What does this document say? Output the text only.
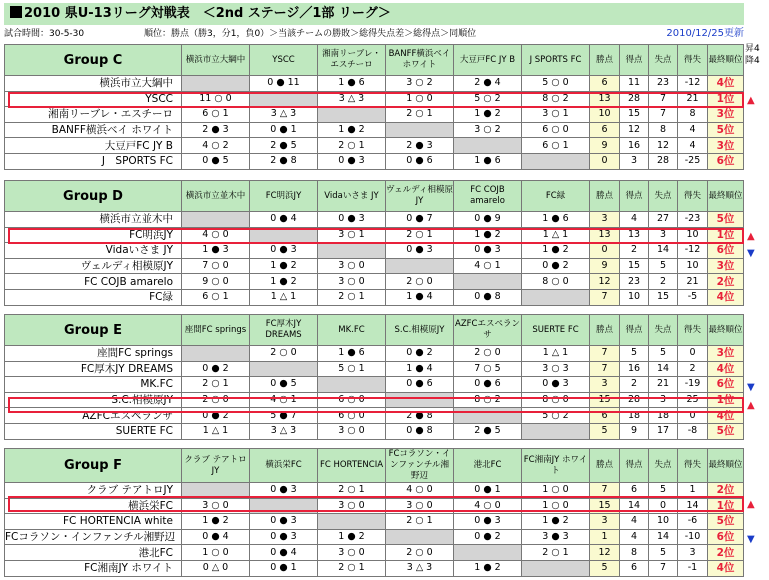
2010 県U-13リーグ対戦表　＜2nd ステージ／1部 リーグ＞
試合時間：30-5-30	順位：勝点（勝3，分1，負0）＞当該チームの勝敗＞総得失点差＞総得点＞同順位	2010/12/25更新
昇4
降4
Group C	横浜市立大綱中	YSCC	湘南リーブレ・エスチーロ	BANFF横浜ベイ ホワイト	大豆戸FC JY B	J SPORTS FC	勝点	得点	失点	得失	最終順位
横浜市立大綱中		0 ● 11	1 ● 6	3 ○ 2	2 ● 4	5 ○ 0	6	11	23	-12	4位
YSCC	11 ○ 0		3 △ 3	1 ○ 0	5 ○ 2	8 ○ 2	13	28	7	21	1位
湘南リーブレ・エスチーロ	6 ○ 1	3 △ 3		2 ○ 1	1 ● 2	3 ○ 1	10	15	7	8	3位
BANFF横浜ベイ ホワイト	2 ● 3	0 ● 1	1 ● 2		3 ○ 2	6 ○ 0	6	12	8	4	5位
大豆戸FC JY B	4 ○ 2	2 ● 5	2 ○ 1	2 ● 3		6 ○ 1	9	16	12	4	3位
J　SPORTS FC	0 ● 5	2 ● 8	0 ● 3	0 ● 6	1 ● 6		0	3	28	-25	6位
▲
Group D	横浜市立並木中	FC明浜JY	Vidaいさま JY	ヴェルディ相模原JY	FC COJB amarelo	FC緑	勝点	得点	失点	得失	最終順位
横浜市立並木中		0 ● 4	0 ● 3	0 ● 7	0 ● 9	1 ● 6	3	4	27	-23	5位
FC明浜JY	4 ○ 0		3 ○ 1	2 ○ 1	1 ● 2	1 △ 1	13	13	3	10	1位
Vidaいさま JY	1 ● 3	0 ● 3		0 ● 3	0 ● 3	1 ● 2	0	2	14	-12	6位
ヴェルディ相模原JY	7 ○ 0	1 ● 2	3 ○ 0		4 ○ 1	0 ● 2	9	15	5	10	3位
FC COJB amarelo	9 ○ 0	1 ● 2	3 ○ 0	2 ○ 0		8 ○ 0	12	23	2	21	2位
FC緑	6 ○ 1	1 △ 1	2 ○ 1	1 ● 4	0 ● 8		7	10	15	-5	4位
▲
▼
Group E	座間FC springs	FC厚木JY DREAMS	MK.FC	S.C.相模原JY	AZFCエスペランサ	SUERTE FC	勝点	得点	失点	得失	最終順位
座間FC springs		2 ○ 0	1 ● 6	0 ● 2	2 ○ 0	1 △ 1	7	5	5	0	3位
FC厚木JY DREAMS	0 ● 2		5 ○ 1	1 ● 4	7 ○ 5	3 ○ 3	7	16	14	2	4位
MK.FC	2 ○ 1	0 ● 5		0 ● 6	0 ● 6	0 ● 3	3	2	21	-19	6位
S.C.相模原JY	2 ○ 0	4 ○ 1	6 ○ 0		8 ○ 2	8 ○ 0	15	28	3	25	1位
AZFCエスペランサ	0 ● 2	5 ● 7	6 ○ 0	2 ● 8		5 ○ 2	6	18	18	0	4位
SUERTE FC	1 △ 1	3 △ 3	3 ○ 0	0 ● 8	2 ● 5		5	9	17	-8	5位
▼
▲
Group F	クラブ テアトロJY	横浜栄FC	FC HORTENCIA	FCコラソン・インファンチル湘野辺	港北FC	FC湘南JY ホワイト	勝点	得点	失点	得失	最終順位
クラブ テアトロJY		0 ● 3	2 ○ 1	4 ○ 0	0 ● 1	1 ○ 0	7	6	5	1	2位
横浜栄FC	3 ○ 0		3 ○ 0	3 ○ 0	4 ○ 0	1 ○ 0	15	14	0	14	1位
FC HORTENCIA white	1 ● 2	0 ● 3		2 ○ 1	0 ● 3	1 ● 2	3	4	10	-6	5位
FCコラソン・インファンチル湘野辺	0 ● 4	0 ● 3	1 ● 2		0 ● 2	3 ● 3	1	4	14	-10	6位
港北FC	1 ○ 0	0 ● 4	3 ○ 0	2 ○ 0		2 ○ 1	12	8	5	3	2位
FC湘南JY ホワイト	0 △ 0	0 ● 1	2 ○ 1	3 △ 3	1 ● 2		5	6	7	-1	4位
▲
▼
